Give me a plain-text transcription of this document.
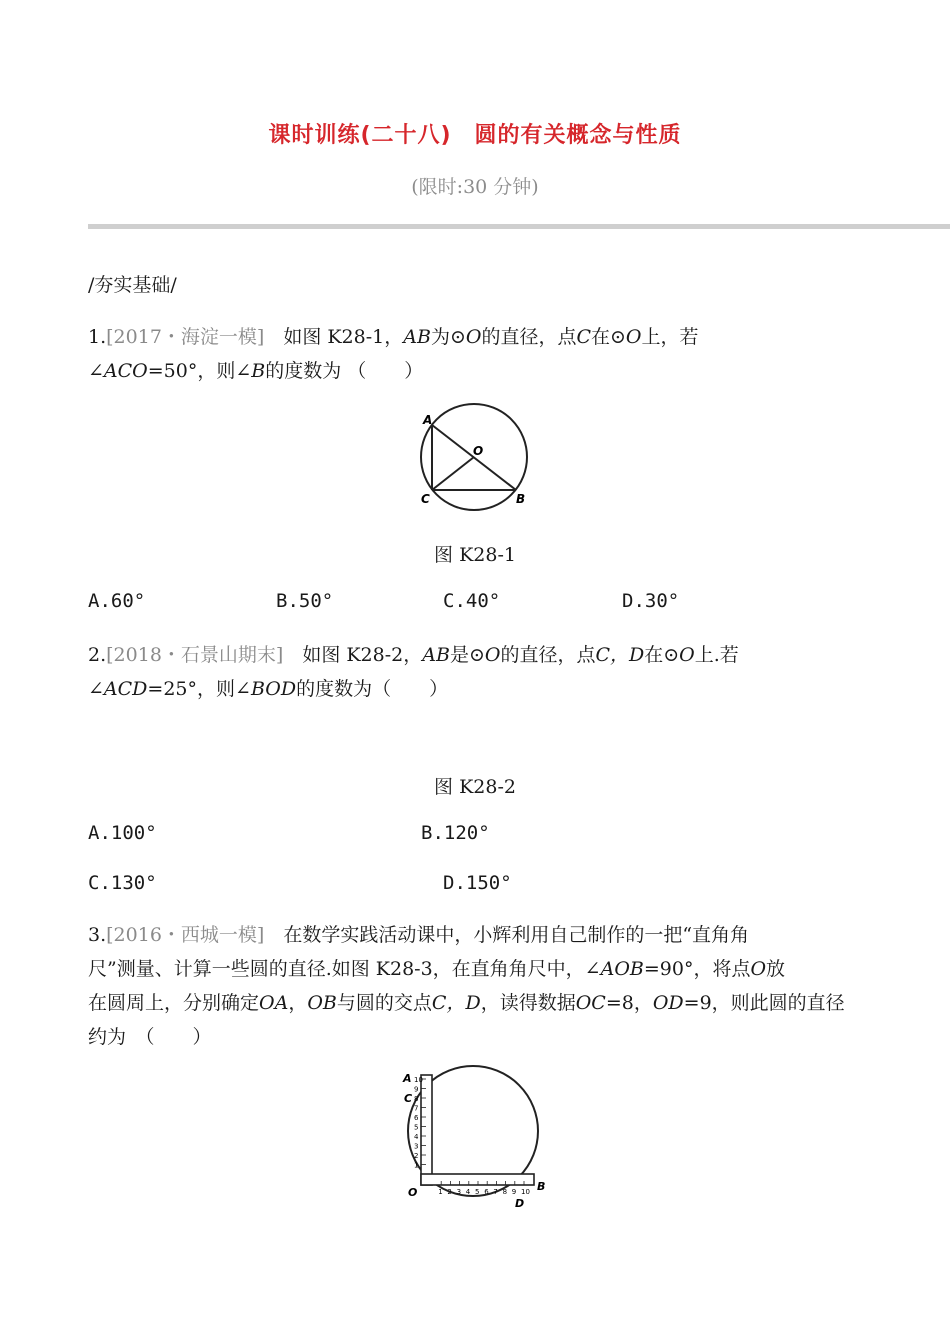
课时训练(二十八)　圆的有关概念与性质
(限时:30 分钟)
/夯实基础/
1.[2017・海淀一模]　如图 K28-1，AB为⊙O的直径，点C在⊙O上，若
∠ACO=50°，则∠B的度数为 （　　）
A
O
C	B
图 K28-1
A.60°	B.50°	C.40°	D.30°
2.[2018・石景山期末]　如图 K28-2，AB是⊙O的直径，点C，D在⊙O上.若
∠ACD=25°，则∠BOD的度数为（　　）
图 K28-2
A.100°	B.120°
C.130°	D.150°
3.[2016・西城一模]　在数学实践活动课中，小辉利用自己制作的一把“直角角
尺”测量、计算一些圆的直径.如图 K28-3，在直角角尺中，∠AOB=90°，将点O放
在圆周上，分别确定OA，OB与圆的交点C，D，读得数据OC=8，OD=9，则此圆的直径
约为　（　　）
1
2
3
4
5
6
7
8
9
10
1 2 3 4 5 6 7 8 9 10
A
C
O	B
D
